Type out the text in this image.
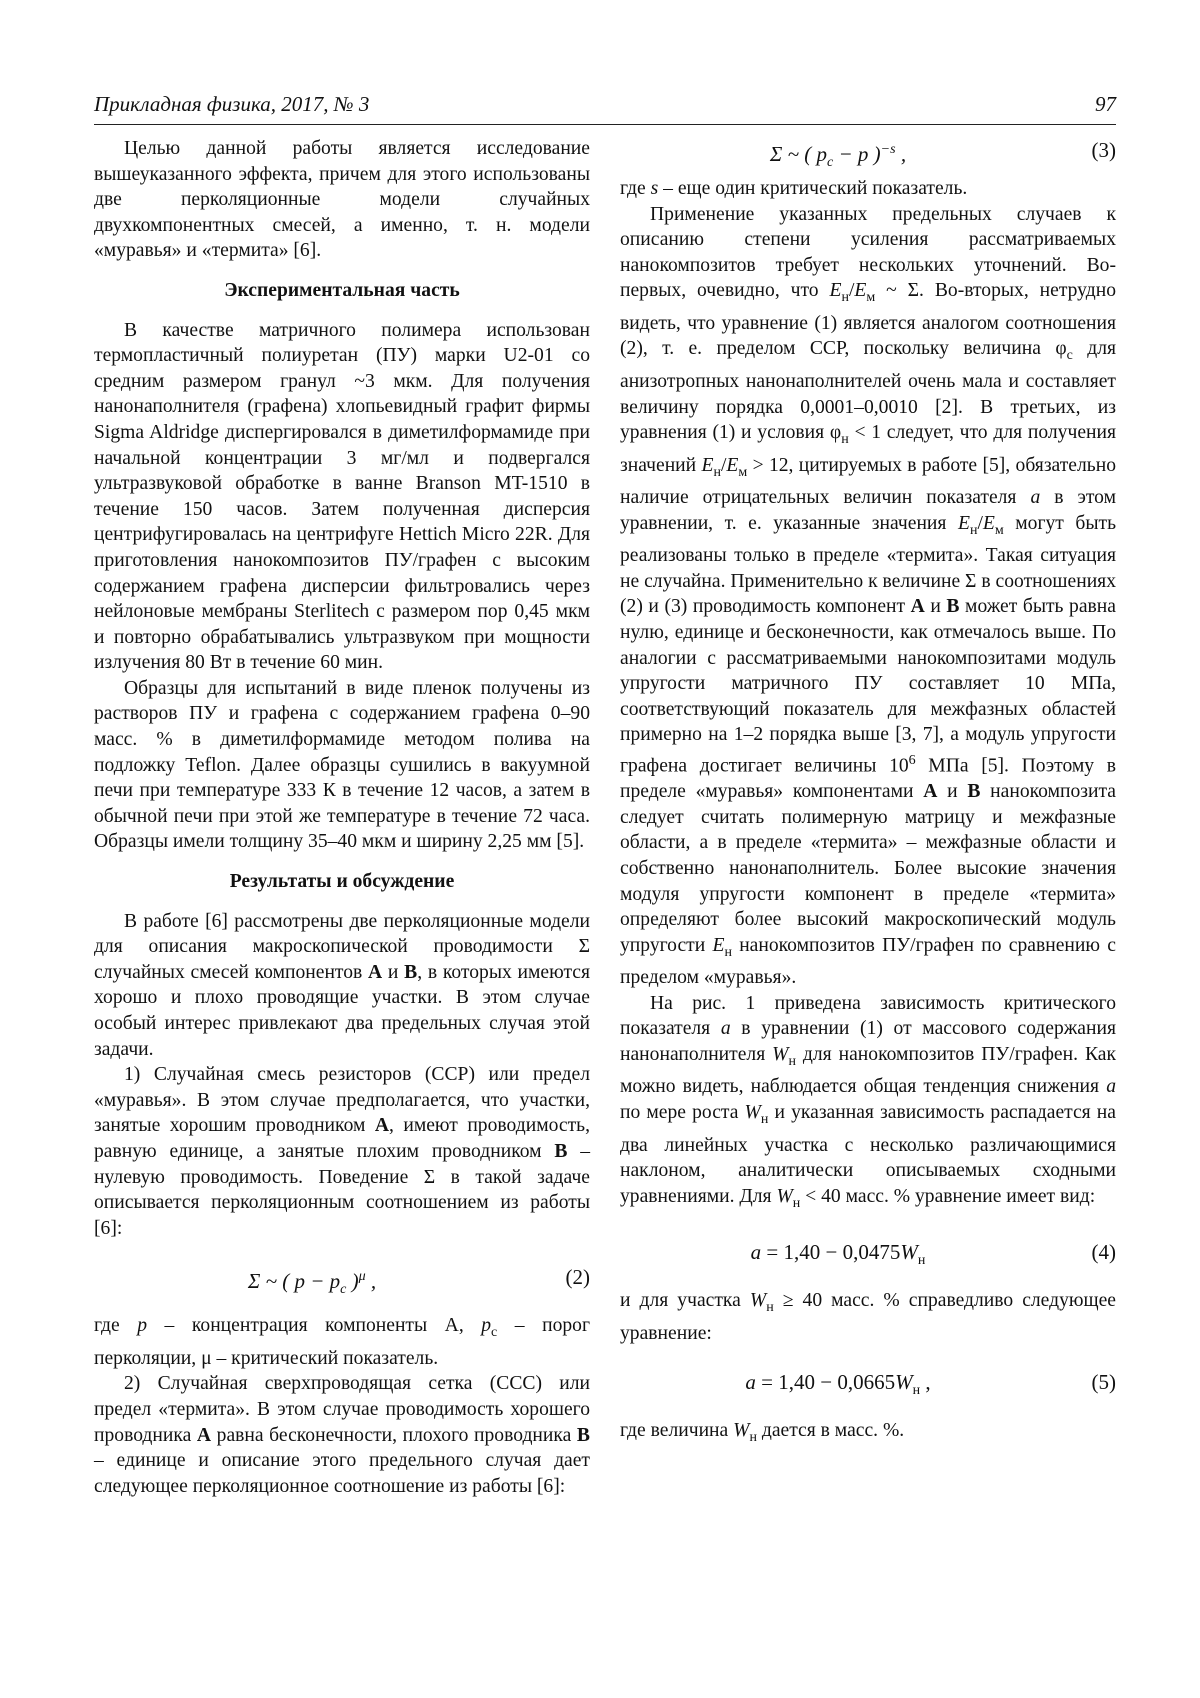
Прикладная физика, 2017, № 3	97

Целью данной работы является исследование вышеуказанного эффекта, причем для этого использованы две перколяционные модели случайных двухкомпонентных смесей, а именно, т. н. модели «муравья» и «термита» [6].

Экспериментальная часть

В качестве матричного полимера использован термопластичный полиуретан (ПУ) марки U2-01 со средним размером гранул ~3 мкм. Для получения нанонаполнителя (графена) хлопьевидный графит фирмы Sigma Aldridge диспергировался в диметилформамиде при начальной концентрации 3 мг/мл и подвергался ультразвуковой обработке в ванне Branson MT-1510 в течение 150 часов. Затем полученная дисперсия центрифугировалась на центрифуге Hettich Micro 22R. Для приготовления нанокомпозитов ПУ/графен с высоким содержанием графена дисперсии фильтровались через нейлоновые мембраны Sterlitech с размером пор 0,45 мкм и повторно обрабатывались ультразвуком при мощности излучения 80 Вт в течение 60 мин.

Образцы для испытаний в виде пленок получены из растворов ПУ и графена с содержанием графена 0–90 масс. % в диметилформамиде методом полива на подложку Teflon. Далее образцы сушились в вакуумной печи при температуре 333 К в течение 12 часов, а затем в обычной печи при этой же температуре в течение 72 часа. Образцы имели толщину 35–40 мкм и ширину 2,25 мм [5].

Результаты и обсуждение

В работе [6] рассмотрены две перколяционные модели для описания макроскопической проводимости Σ случайных смесей компонентов A и B, в которых имеются хорошо и плохо проводящие участки. В этом случае особый интерес привлекают два предельных случая этой задачи.

1) Случайная смесь резисторов (ССР) или предел «муравья». В этом случае предполагается, что участки, занятые хорошим проводником A, имеют проводимость, равную единице, а занятые плохим проводником B – нулевую проводимость. Поведение Σ в такой задаче описывается перколяционным соотношением из работы [6]:

Σ ~ ( $p - p_c$ )$^\mu$ ,	(2)

где p – концентрация компоненты A, $p_c$ – порог перколяции, μ – критический показатель.

2) Случайная сверхпроводящая сетка (ССС) или предел «термита». В этом случае проводимость хорошего проводника A равна бесконечности, плохого проводника B – единице и описание этого предельного случая дает следующее перколяционное соотношение из работы [6]:

Σ ~ ( $p_c - p$ )$^{-s}$ ,	(3)

где s – еще один критический показатель.

Применение указанных предельных случаев к описанию степени усиления рассматриваемых нанокомпозитов требует нескольких уточнений. Во-первых, очевидно, что $E_н/E_м$ ~ Σ. Во-вторых, нетрудно видеть, что уравнение (1) является аналогом соотношения (2), т. е. пределом ССР, поскольку величина $\varphi_c$ для анизотропных нанонаполнителей очень мала и составляет величину порядка 0,0001–0,0010 [2]. В третьих, из уравнения (1) и условия $\varphi_н < 1$ следует, что для получения значений $E_н/E_м > 12$, цитируемых в работе [5], обязательно наличие отрицательных величин показателя a в этом уравнении, т. е. указанные значения $E_н/E_м$ могут быть реализованы только в пределе «термита». Такая ситуация не случайна. Применительно к величине Σ в соотношениях (2) и (3) проводимость компонент A и B может быть равна нулю, единице и бесконечности, как отмечалось выше. По аналогии с рассматриваемыми нанокомпозитами модуль упругости матричного ПУ составляет 10 МПа, соответствующий показатель для межфазных областей примерно на 1–2 порядка выше [3, 7], а модуль упругости графена достигает величины $10^6$ МПа [5]. Поэтому в пределе «муравья» компонентами A и B нанокомпозита следует считать полимерную матрицу и межфазные области, а в пределе «термита» – межфазные области и собственно нанонаполнитель. Более высокие значения модуля упругости компонент в пределе «термита» определяют более высокий макроскопический модуль упругости $E_н$ нанокомпозитов ПУ/графен по сравнению с пределом «муравья».

На рис. 1 приведена зависимость критического показателя a в уравнении (1) от массового содержания нанонаполнителя $W_н$ для нанокомпозитов ПУ/графен. Как можно видеть, наблюдается общая тенденция снижения a по мере роста $W_н$ и указанная зависимость распадается на два линейных участка с несколько различающимися наклоном, аналитически описываемых сходными уравнениями. Для $W_н < 40$ масс. % уравнение имеет вид:

$a = 1,40 - 0,0475W_н$	(4)

и для участка $W_н \ge 40$ масс. % справедливо следующее уравнение:

$a = 1,40 - 0,0665W_н$ ,	(5)

где величина $W_н$ дается в масс. %.
